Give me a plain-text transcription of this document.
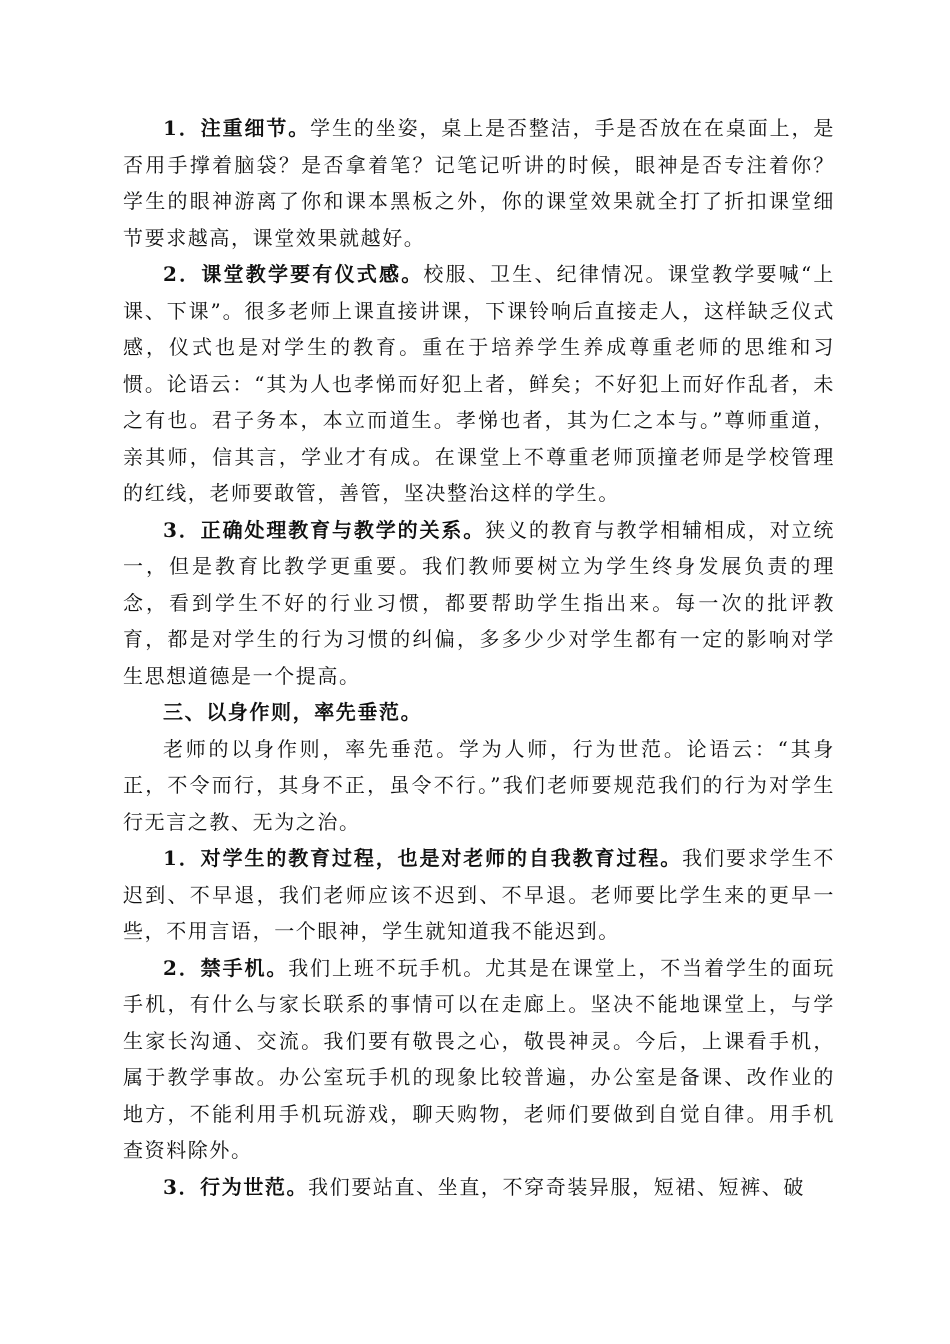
1．注重细节。学生的坐姿，桌上是否整洁，手是否放在在桌面上，是否用手撑着脑袋？是否拿着笔？记笔记听讲的时候，眼神是否专注着你？学生的眼神游离了你和课本黑板之外，你的课堂效果就全打了折扣课堂细节要求越高，课堂效果就越好。

2．课堂教学要有仪式感。校服、卫生、纪律情况。课堂教学要喊“上课、下课”。很多老师上课直接讲课，下课铃响后直接走人，这样缺乏仪式感，仪式也是对学生的教育。重在于培养学生养成尊重老师的思维和习惯。论语云：“其为人也孝悌而好犯上者，鲜矣；不好犯上而好作乱者，未之有也。君子务本，本立而道生。孝悌也者，其为仁之本与。”尊师重道，亲其师，信其言，学业才有成。在课堂上不尊重老师顶撞老师是学校管理的红线，老师要敢管，善管，坚决整治这样的学生。

3．正确处理教育与教学的关系。狭义的教育与教学相辅相成，对立统一，但是教育比教学更重要。我们教师要树立为学生终身发展负责的理念，看到学生不好的行业习惯，都要帮助学生指出来。每一次的批评教育，都是对学生的行为习惯的纠偏，多多少少对学生都有一定的影响对学生思想道德是一个提高。

三、以身作则，率先垂范。

老师的以身作则，率先垂范。学为人师，行为世范。论语云：“其身正，不令而行，其身不正，虽令不行。”我们老师要规范我们的行为对学生行无言之教、无为之治。

1．对学生的教育过程，也是对老师的自我教育过程。我们要求学生不迟到、不早退，我们老师应该不迟到、不早退。老师要比学生来的更早一些，不用言语，一个眼神，学生就知道我不能迟到。

2．禁手机。我们上班不玩手机。尤其是在课堂上，不当着学生的面玩手机，有什么与家长联系的事情可以在走廊上。坚决不能地课堂上，与学生家长沟通、交流。我们要有敬畏之心，敬畏神灵。今后，上课看手机，属于教学事故。办公室玩手机的现象比较普遍，办公室是备课、改作业的地方，不能利用手机玩游戏，聊天购物，老师们要做到自觉自律。用手机查资料除外。

3．行为世范。我们要站直、坐直，不穿奇装异服，短裙、短裤、破
